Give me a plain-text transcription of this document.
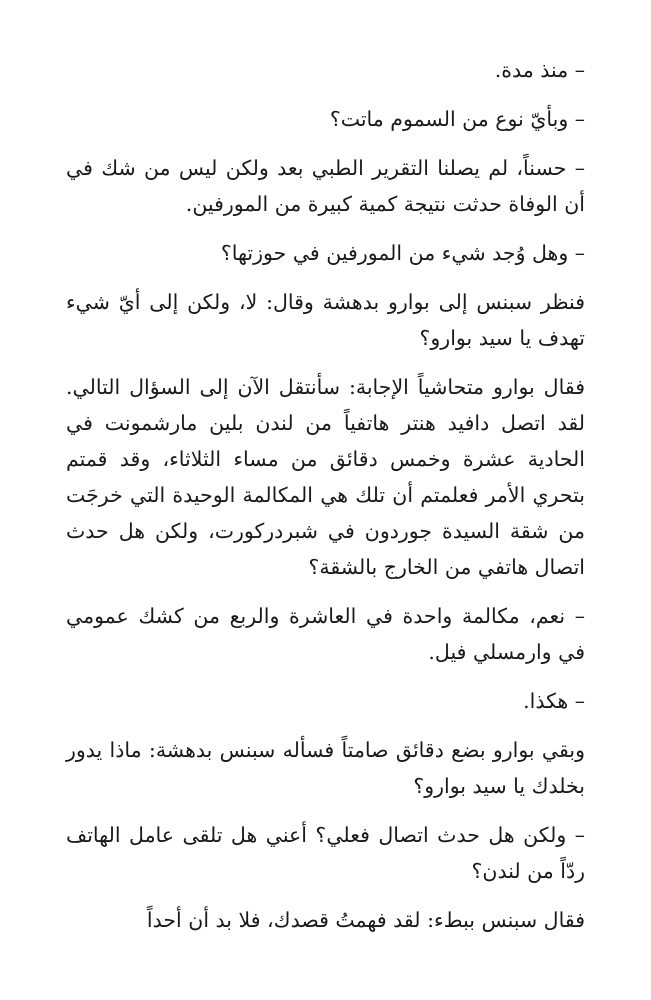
– منذ مدة.

– وبأيّ نوع من السموم ماتت؟

– حسناً، لم يصلنا التقرير الطبي بعد ولكن ليس من شك في أن الوفاة حدثت نتيجة كمية كبيرة من المورفين.

– وهل وُجد شيء من المورفين في حوزتها؟

فنظر سبنس إلى بوارو بدهشة وقال: لا، ولكن إلى أيّ شيء تهدف يا سيد بوارو؟

فقال بوارو متحاشياً الإجابة: سأنتقل الآن إلى السؤال التالي. لقد اتصل دافيد هنتر هاتفياً من لندن بلين مارشمونت في الحادية عشرة وخمس دقائق من مساء الثلاثاء، وقد قمتم بتحري الأمر فعلمتم أن تلك هي المكالمة الوحيدة التي خرجَت من شقة السيدة جوردون في شبردركورت، ولكن هل حدث اتصال هاتفي من الخارج بالشقة؟

– نعم، مكالمة واحدة في العاشرة والربع من كشك عمومي في وارمسلي فيل.

– هكذا.

وبقي بوارو بضع دقائق صامتاً فسأله سبنس بدهشة: ماذا يدور بخلدك يا سيد بوارو؟

– ولكن هل حدث اتصال فعلي؟ أعني هل تلقى عامل الهاتف ردّاً من لندن؟

فقال سبنس ببطء: لقد فهمتُ قصدك، فلا بد أن أحداً
